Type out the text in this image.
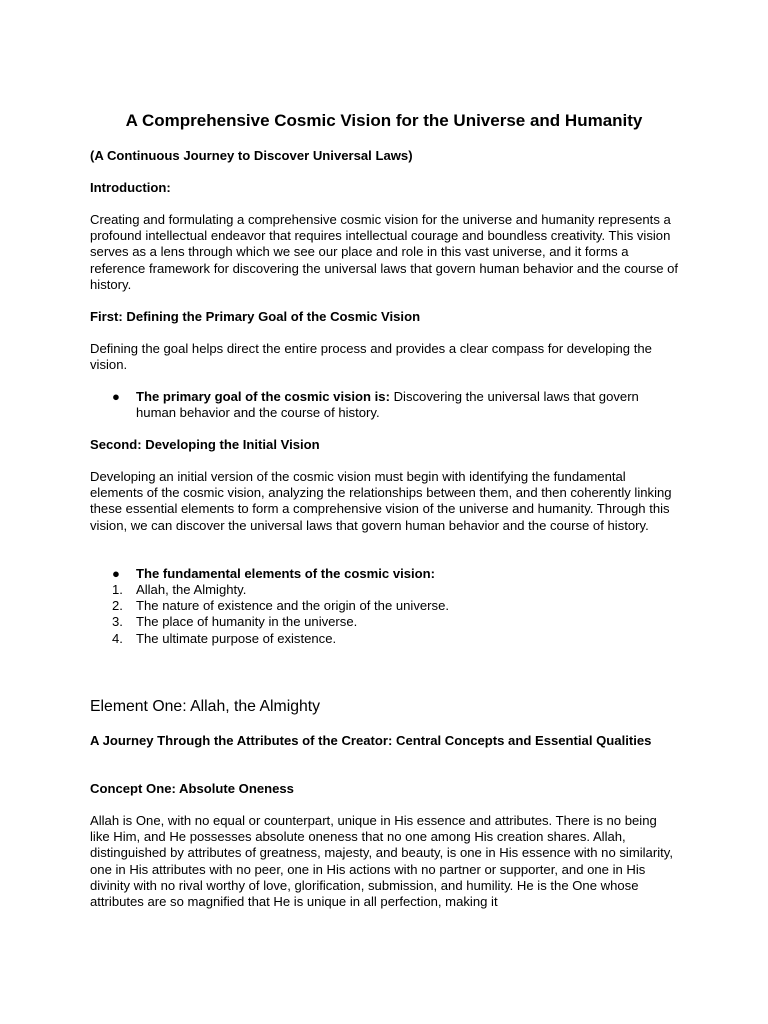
A Comprehensive Cosmic Vision for the Universe and Humanity

(A Continuous Journey to Discover Universal Laws)

Introduction:

Creating and formulating a comprehensive cosmic vision for the universe and humanity represents a profound intellectual endeavor that requires intellectual courage and boundless creativity. This vision serves as a lens through which we see our place and role in this vast universe, and it forms a reference framework for discovering the universal laws that govern human behavior and the course of history.

First: Defining the Primary Goal of the Cosmic Vision

Defining the goal helps direct the entire process and provides a clear compass for developing the vision.

● The primary goal of the cosmic vision is: Discovering the universal laws that govern human behavior and the course of history.

Second: Developing the Initial Vision

Developing an initial version of the cosmic vision must begin with identifying the fundamental elements of the cosmic vision, analyzing the relationships between them, and then coherently linking these essential elements to form a comprehensive vision of the universe and humanity. Through this vision, we can discover the universal laws that govern human behavior and the course of history.

● The fundamental elements of the cosmic vision:
1. Allah, the Almighty.
2. The nature of existence and the origin of the universe.
3. The place of humanity in the universe.
4. The ultimate purpose of existence.
Element One: Allah, the Almighty

A Journey Through the Attributes of the Creator: Central Concepts and Essential Qualities

Concept One: Absolute Oneness

Allah is One, with no equal or counterpart, unique in His essence and attributes. There is no being like Him, and He possesses absolute oneness that no one among His creation shares. Allah, distinguished by attributes of greatness, majesty, and beauty, is one in His essence with no similarity, one in His attributes with no peer, one in His actions with no partner or supporter, and one in His divinity with no rival worthy of love, glorification, submission, and humility. He is the One whose attributes are so magnified that He is unique in all perfection, making it
